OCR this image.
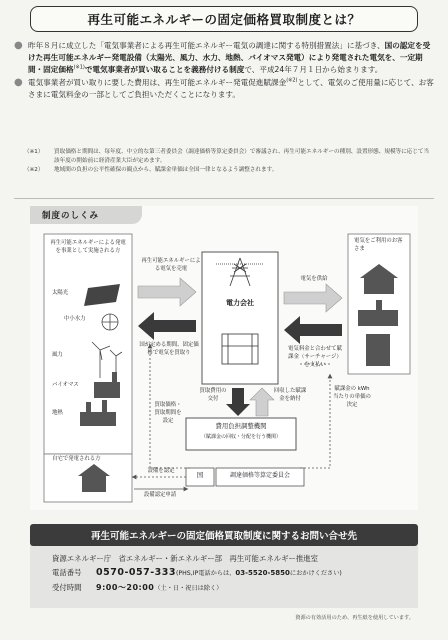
再生可能エネルギーの固定価格買取制度とは？
● 昨年８月に成立した「電気事業者による再生可能エネルギー電気の調達に関する特別措置法」に基づき、国の認定を受けた再生可能エネルギー発電設備（太陽光、風力、水力、地熱、バイオマス発電）により発電された電気を、一定期間・固定価格$^{(※1)}$で電気事業者が買い取ることを義務付ける制度で、平成24年７月１日から始まります。
● 電気事業者が買い取りに要した費用は、再生可能エネルギー発電促進賦課金$^{(※2)}$として、電気のご使用量に応じて、お客さまに電気料金の一部としてご負担いただくことになります。
（※1）	買取価格と期間は、毎年度、中立的な第三者委員会（調達価格等算定委員会）で審議され、再生可能エネルギーの種別、設置形態、規模等に応じて当該年度の開始前に経済産業大臣が定めます。
（※2）	地域間の負担の公平性確保の観点から、賦課金単価は全国一律となるよう調整されます。
制度のしくみ
再生可能エネルギーによる発電を事業として実施される方
太陽光
中小水力
風力
バイオマス
地熱
自宅で発電される方
再生可能エネルギーによる電気を売電
電力会社
電気を供給
電気をご利用のお客さま
国が定める期間、固定価格で電気を買取り
電気料金と合わせて賦課金（サーチャージ）を支払い
買取費用の交付
回収した賦課金を納付
買取価格・買取期間を設定
賦課金の kWh当たりの単価の決定
費用負担調整機関
（賦課金の回収・分配を行う機関）
設備を認定
設備認定申請
国	調達価格等算定委員会
再生可能エネルギーの固定価格買取制度に関するお問い合せ先
資源エネルギー庁　省エネルギー・新エネルギー部　再生可能エネルギー推進室
電話番号	0570-057-333 (PHS,IP電話からは、 03-5520-5850 におかけください)
受付時間	9:00～20:00 （土・日・祝日は除く）
資源の有効活用のため、再生紙を使用しています。
